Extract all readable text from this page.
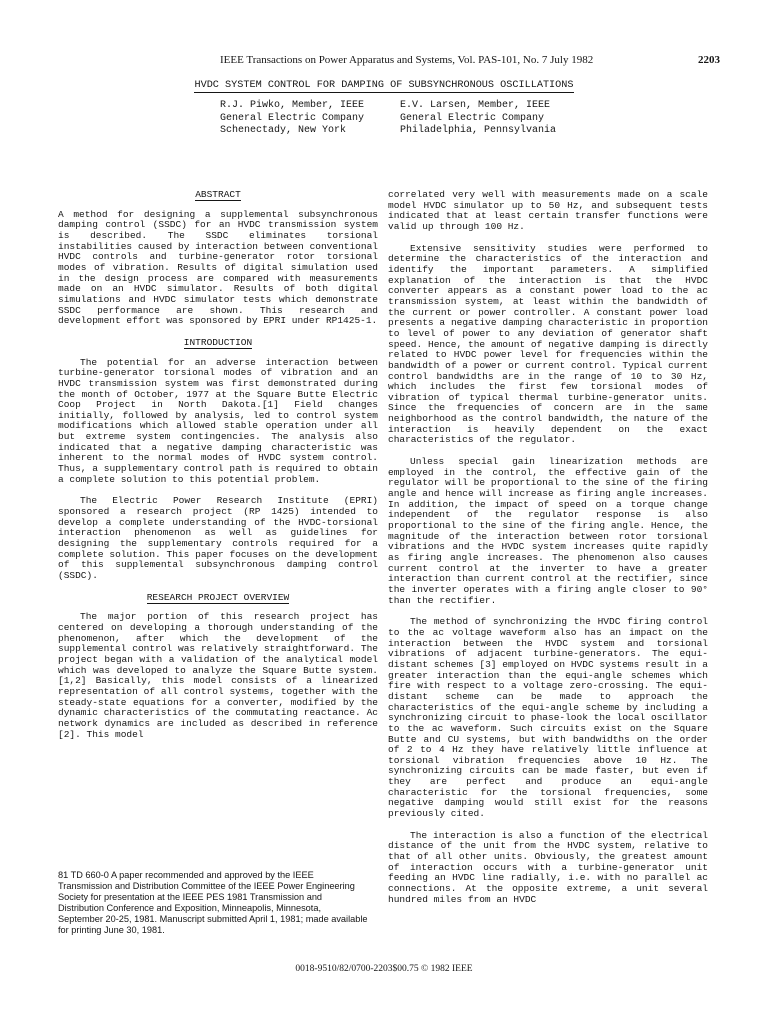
IEEE Transactions on Power Apparatus and Systems, Vol. PAS-101, No. 7 July 1982	2203
HVDC SYSTEM CONTROL FOR DAMPING OF SUBSYNCHRONOUS OSCILLATIONS
R.J. Piwko, Member, IEEE
General Electric Company
Schenectady, New York
E.V. Larsen, Member, IEEE
General Electric Company
Philadelphia, Pennsylvania
ABSTRACT

A method for designing a supplemental subsynchronous damping control (SSDC) for an HVDC transmission system is described. The SSDC eliminates torsional instabilities caused by interaction between conventional HVDC controls and turbine-generator rotor torsional modes of vibration. Results of digital simulation used in the design process are compared with measurements made on an HVDC simulator. Results of both digital simulations and HVDC simulator tests which demonstrate SSDC performance are shown. This research and development effort was sponsored by EPRI under RP1425-1.

INTRODUCTION

The potential for an adverse interaction between turbine-generator torsional modes of vibration and an HVDC transmission system was first demonstrated during the month of October, 1977 at the Square Butte Electric Coop Project in North Dakota.[1] Field changes initially, followed by analysis, led to control system modifications which allowed stable operation under all but extreme system contingencies. The analysis also indicated that a negative damping characteristic was inherent to the normal modes of HVDC system control. Thus, a supplementary control path is required to obtain a complete solution to this potential problem.

The Electric Power Research Institute (EPRI) sponsored a research project (RP 1425) intended to develop a complete understanding of the HVDC-torsional interaction phenomenon as well as guidelines for designing the supplementary controls required for a complete solution. This paper focuses on the development of this supplemental subsynchronous damping control (SSDC).

RESEARCH PROJECT OVERVIEW

The major portion of this research project has centered on developing a thorough understanding of the phenomenon, after which the development of the supplemental control was relatively straightforward. The project began with a validation of the analytical model which was developed to analyze the Square Butte system.[1,2] Basically, this model consists of a linearized representation of all control systems, together with the steady-state equations for a converter, modified by the dynamic characteristics of the commutating reactance. Ac network dynamics are included as described in reference [2]. This model

correlated very well with measurements made on a scale model HVDC simulator up to 50 Hz, and subsequent tests indicated that at least certain transfer functions were valid up through 100 Hz.

Extensive sensitivity studies were performed to determine the characteristics of the interaction and identify the important parameters. A simplified explanation of the interaction is that the HVDC converter appears as a constant power load to the ac transmission system, at least within the bandwidth of the current or power controller. A constant power load presents a negative damping characteristic in proportion to level of power to any deviation of generator shaft speed. Hence, the amount of negative damping is directly related to HVDC power level for frequencies within the bandwidth of a power or current control. Typical current control bandwidths are in the range of 10 to 30 Hz, which includes the first few torsional modes of vibration of typical thermal turbine-generator units. Since the frequencies of concern are in the same neighborhood as the control bandwidth, the nature of the interaction is heavily dependent on the exact characteristics of the regulator.

Unless special gain linearization methods are employed in the control, the effective gain of the regulator will be proportional to the sine of the firing angle and hence will increase as firing angle increases. In addition, the impact of speed on a torque change independent of the regulator response is also proportional to the sine of the firing angle. Hence, the magnitude of the interaction between rotor torsional vibrations and the HVDC system increases quite rapidly as firing angle increases. The phenomenon also causes current control at the inverter to have a greater interaction than current control at the rectifier, since the inverter operates with a firing angle closer to 90° than the rectifier.

The method of synchronizing the HVDC firing control to the ac voltage waveform also has an impact on the interaction between the HVDC system and torsional vibrations of adjacent turbine-generators. The equi-distant schemes [3] employed on HVDC systems result in a greater interaction than the equi-angle schemes which fire with respect to a voltage zero-crossing. The equi-distant scheme can be made to approach the characteristics of the equi-angle scheme by including a synchronizing circuit to phase-look the local oscillator to the ac waveform. Such circuits exist on the Square Butte and CU systems, but with bandwidths on the order of 2 to 4 Hz they have relatively little influence at torsional vibration frequencies above 10 Hz. The synchronizing circuits can be made faster, but even if they are perfect and produce an equi-angle characteristic for the torsional frequencies, some negative damping would still exist for the reasons previously cited.

The interaction is also a function of the electrical distance of the unit from the HVDC system, relative to that of all other units. Obviously, the greatest amount of interaction occurs with a turbine-generator unit feeding an HVDC line radially, i.e. with no parallel ac connections. At the opposite extreme, a unit several hundred miles from an HVDC

81 TD 660-0 A paper recommended and approved by the IEEE Transmission and Distribution Committee of the IEEE Power Engineering Society for presentation at the IEEE PES 1981 Transmission and Distribution Conference and Exposition, Minneapolis, Minnesota, September 20-25, 1981. Manuscript submitted April 1, 1981; made available for printing June 30, 1981.
0018-9510/82/0700-2203$00.75 © 1982 IEEE
